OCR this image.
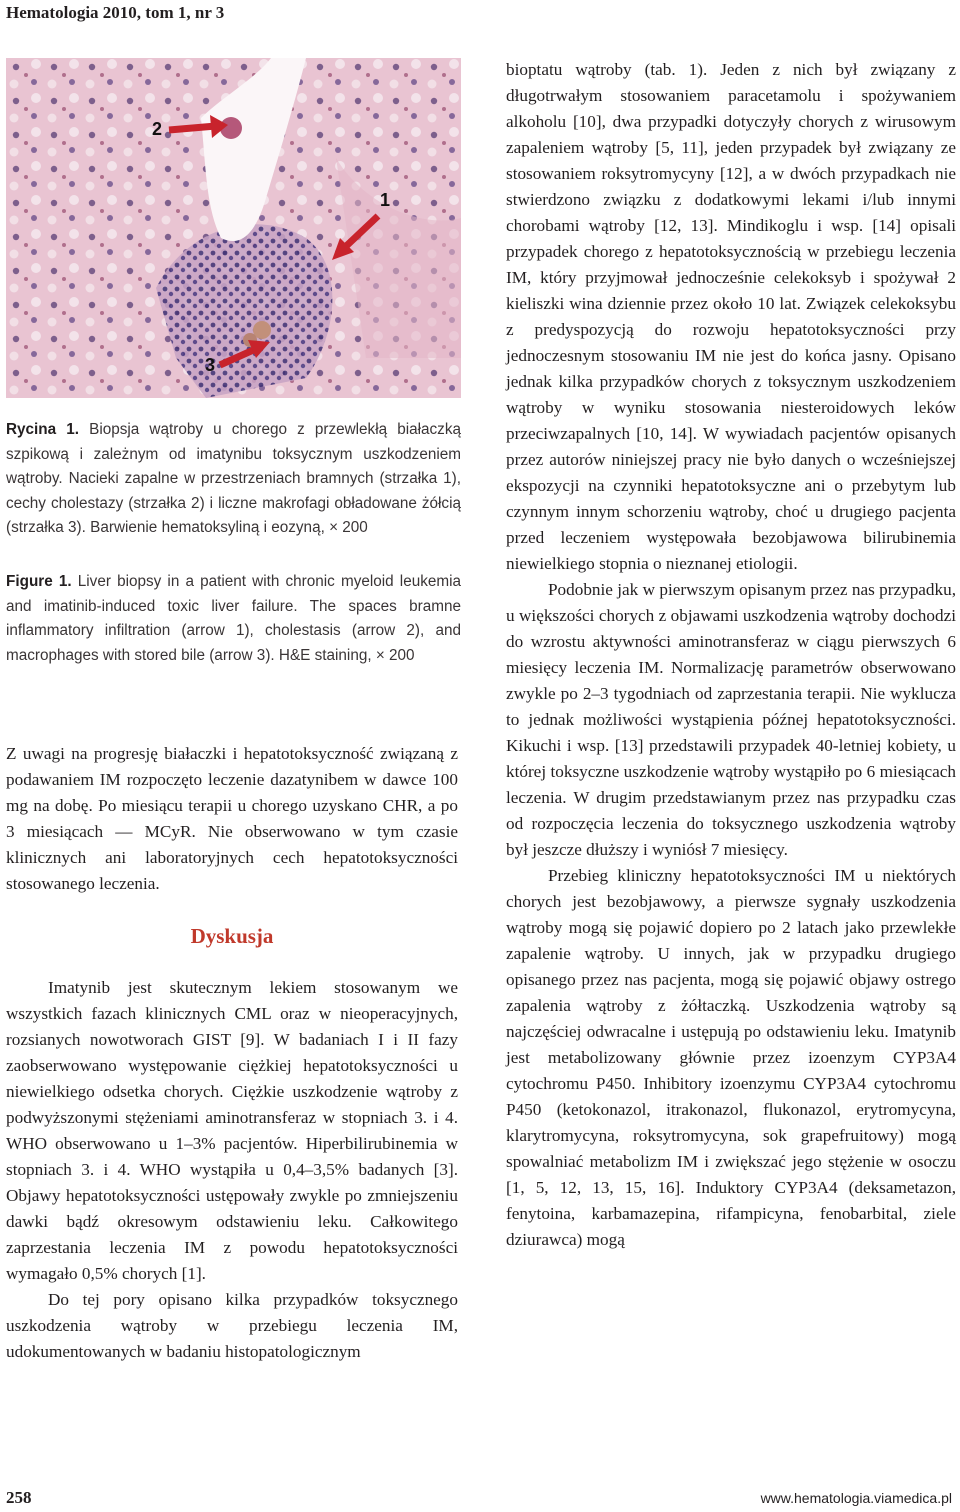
Hematologia 2010, tom 1, nr 3
2
1
3
Rycina 1. Biopsja wątroby u chorego z przewlekłą białaczką szpikową i zależnym od imatynibu toksycznym uszkodzeniem wątroby. Nacieki zapalne w przestrzeniach bramnych (strzałka 1), cechy cholestazy (strzałka 2) i liczne makrofagi obładowane żółcią (strzałka 3). Barwienie hematoksyliną i eozyną, × 200
Figure 1. Liver biopsy in a patient with chronic myeloid leukemia and imatinib-induced toxic liver failure. The spaces bramne inflammatory infiltration (arrow 1), cholestasis (arrow 2), and macrophages with stored bile (arrow 3). H&E staining, × 200

Z uwagi na progresję białaczki i hepatotoksyczność związaną z podawaniem IM rozpoczęto leczenie dazatynibem w dawce 100 mg na dobę. Po miesiącu terapii u chorego uzyskano CHR, a po 3 miesiącach — MCyR. Nie obserwowano w tym czasie klinicznych ani laboratoryjnych cech hepatotoksyczności stosowanego leczenia.

Dyskusja

Imatynib jest skutecznym lekiem stosowanym we wszystkich fazach klinicznych CML oraz w nieoperacyjnych, rozsianych nowotworach GIST [9]. W badaniach I i II fazy zaobserwowano występowanie ciężkiej hepatotoksyczności u niewielkiego odsetka chorych. Ciężkie uszkodzenie wątroby z podwyższonymi stężeniami aminotransferaz w stopniach 3. i 4. WHO obserwowano u 1–3% pacjentów. Hiperbilirubinemia w stopniach 3. i 4. WHO wystąpiła u 0,4–3,5% badanych [3]. Objawy hepatotoksyczności ustępowały zwykle po zmniejszeniu dawki bądź okresowym odstawieniu leku. Całkowitego zaprzestania leczenia IM z powodu hepatotoksyczności wymagało 0,5% chorych [1].

Do tej pory opisano kilka przypadków toksycznego uszkodzenia wątroby w przebiegu leczenia IM, udokumentowanych w badaniu histopatologicznym

bioptatu wątroby (tab. 1). Jeden z nich był związany z długotrwałym stosowaniem paracetamolu i spożywaniem alkoholu [10], dwa przypadki dotyczyły chorych z wirusowym zapaleniem wątroby [5, 11], jeden przypadek był związany ze stosowaniem roksytromycyny [12], a w dwóch przypadkach nie stwierdzono związku z dodatkowymi lekami i/lub innymi chorobami wątroby [12, 13]. Mindikoglu i wsp. [14] opisali przypadek chorego z hepatotoksycznością w przebiegu leczenia IM, który przyjmował jednocześnie celekoksyb i spożywał 2 kieliszki wina dziennie przez około 10 lat. Związek celekoksybu z predyspozycją do rozwoju hepatotoksyczności przy jednoczesnym stosowaniu IM nie jest do końca jasny. Opisano jednak kilka przypadków chorych z toksycznym uszkodzeniem wątroby w wyniku stosowania niesteroidowych leków przeciwzapalnych [10, 14]. W wywiadach pacjentów opisanych przez autorów niniejszej pracy nie było danych o wcześniejszej ekspozycji na czynniki hepatotoksyczne ani o przebytym lub czynnym innym schorzeniu wątroby, choć u drugiego pacjenta przed leczeniem występowała bezobjawowa bilirubinemia niewielkiego stopnia o nieznanej etiologii.

Podobnie jak w pierwszym opisanym przez nas przypadku, u większości chorych z objawami uszkodzenia wątroby dochodzi do wzrostu aktywności aminotransferaz w ciągu pierwszych 6 miesięcy leczenia IM. Normalizację parametrów obserwowano zwykle po 2–3 tygodniach od zaprzestania terapii. Nie wyklucza to jednak możliwości wystąpienia późnej hepatotoksyczności. Kikuchi i wsp. [13] przedstawili przypadek 40-letniej kobiety, u której toksyczne uszkodzenie wątroby wystąpiło po 6 miesiącach leczenia. W drugim przedstawianym przez nas przypadku czas od rozpoczęcia leczenia do toksycznego uszkodzenia wątroby był jeszcze dłuższy i wyniósł 7 miesięcy.

Przebieg kliniczny hepatotoksyczności IM u niektórych chorych jest bezobjawowy, a pierwsze sygnały uszkodzenia wątroby mogą się pojawić dopiero po 2 latach jako przewlekłe zapalenie wątroby. U innych, jak w przypadku drugiego opisanego przez nas pacjenta, mogą się pojawić objawy ostrego zapalenia wątroby z żółtaczką. Uszkodzenia wątroby są najczęściej odwracalne i ustępują po odstawieniu leku. Imatynib jest metabolizowany głównie przez izoenzym CYP3A4 cytochromu P450. Inhibitory izoenzymu CYP3A4 cytochromu P450 (ketokonazol, itrakonazol, flukonazol, erytromycyna, klarytromycyna, roksytromycyna, sok grapefruitowy) mogą spowalniać metabolizm IM i zwiększać jego stężenie w osoczu [1, 5, 12, 13, 15, 16]. Induktory CYP3A4 (deksametazon, fenytoina, karbamazepina, rifampicyna, fenobarbital, ziele dziurawca) mogą

258	www.hematologia.viamedica.pl
